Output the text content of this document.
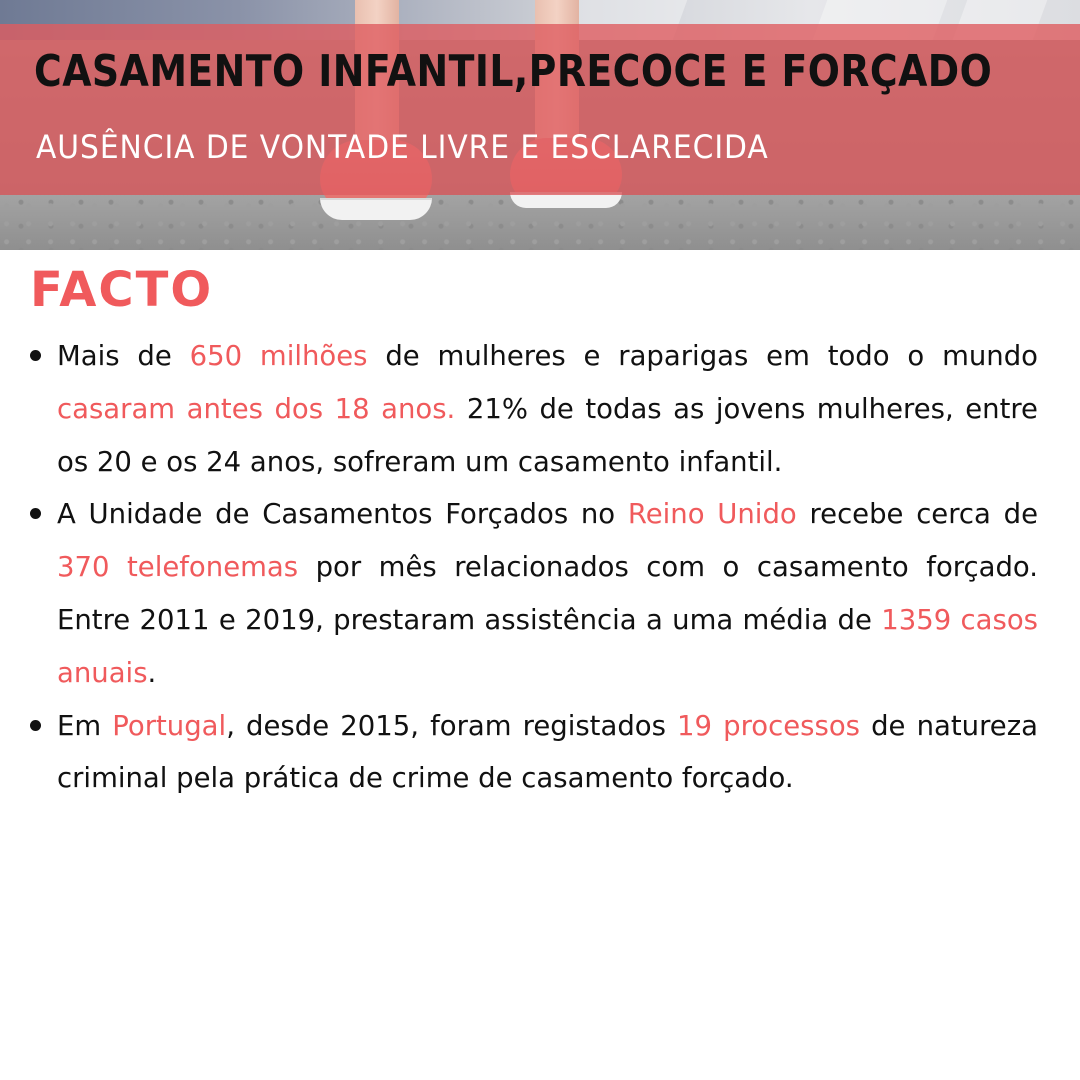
CASAMENTO INFANTIL,PRECOCE E FORÇADO
AUSÊNCIA DE VONTADE LIVRE E ESCLARECIDA
FACTO
Mais de 650 milhões de mulheres e raparigas em todo o mundo casaram antes dos 18 anos. 21% de todas as jovens mulheres, entre os 20 e os 24 anos, sofreram um casamento infantil.
A Unidade de Casamentos Forçados no Reino Unido recebe cerca de 370 telefonemas por mês relacionados com o casamento forçado. Entre 2011 e 2019, prestaram assistência a uma média de 1359 casos anuais.
Em Portugal, desde 2015, foram registados 19 processos de natureza criminal pela prática de crime de casamento forçado.
